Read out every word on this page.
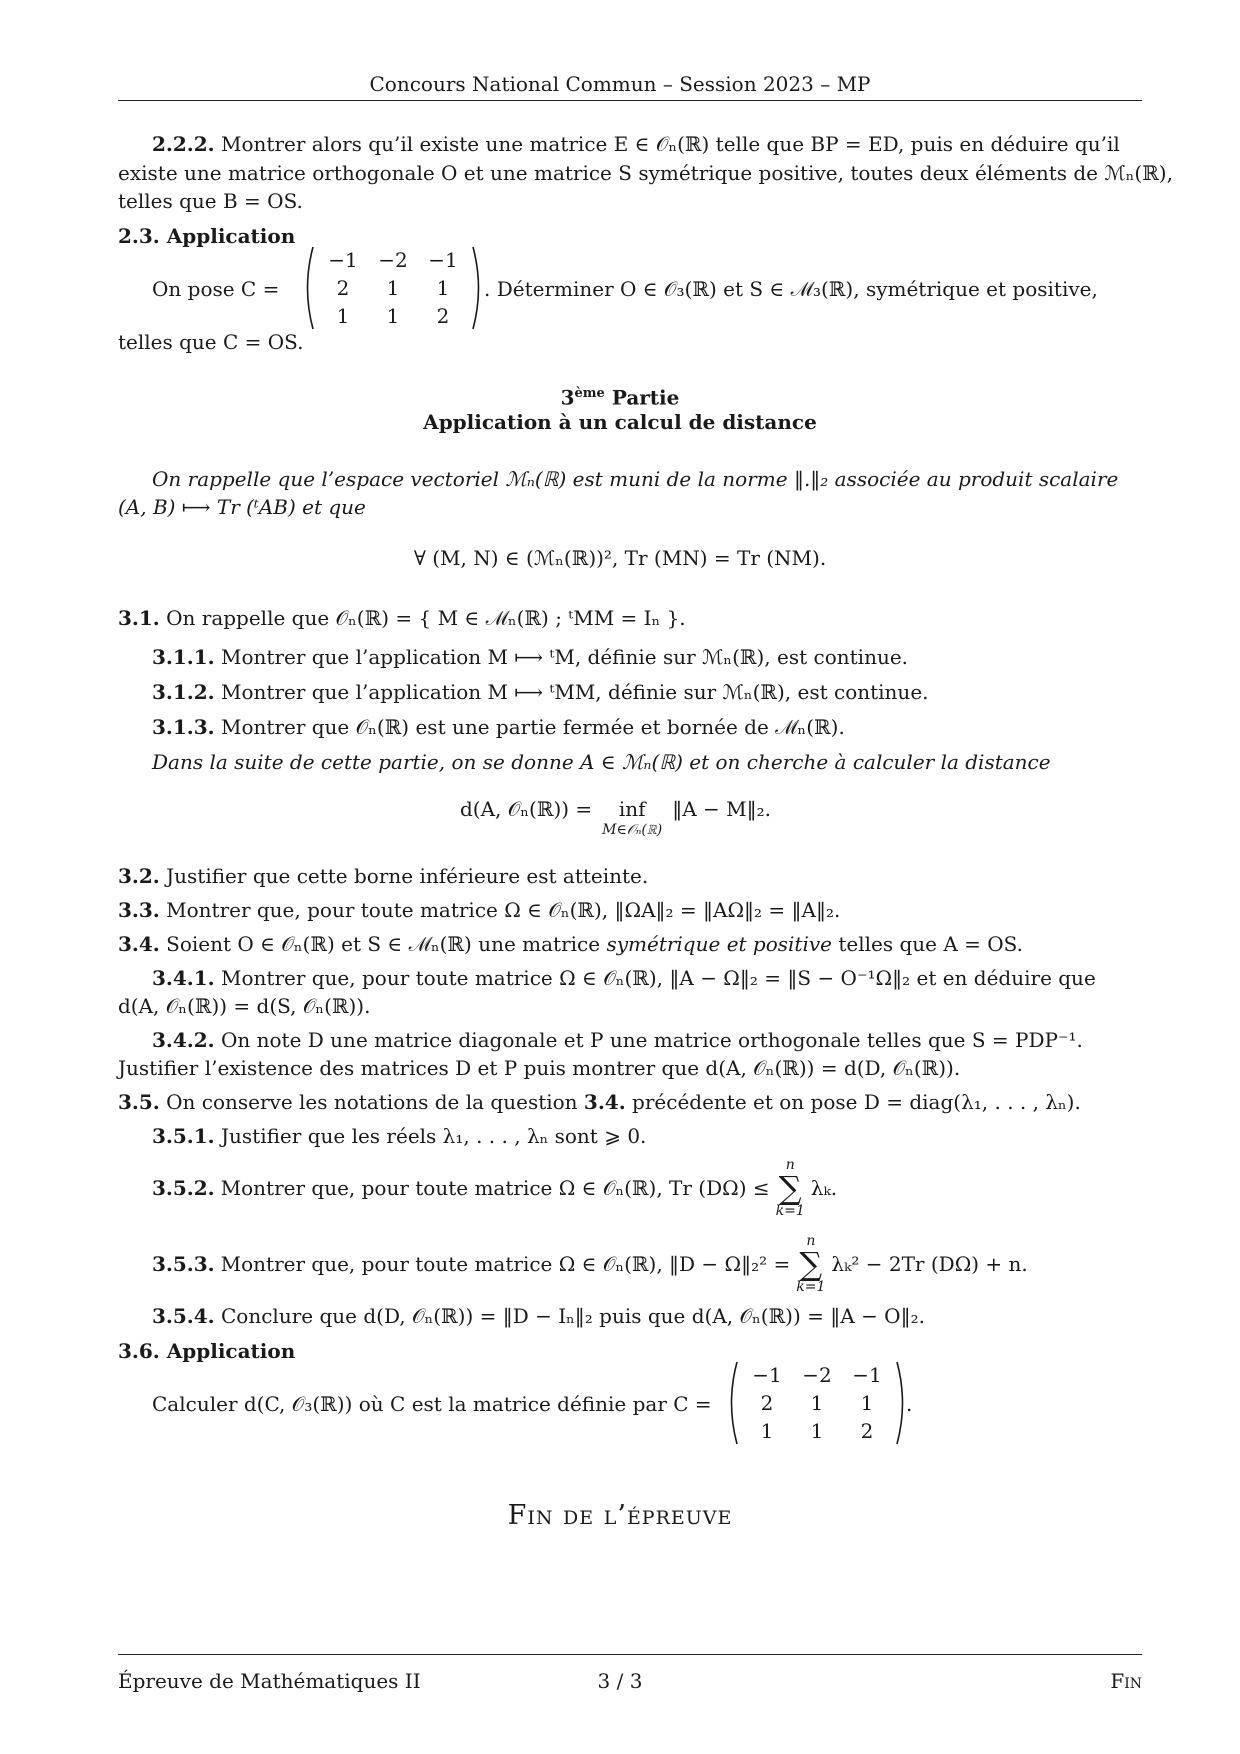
Concours National Commun – Session 2023 – MP
2.2.2. Montrer alors qu’il existe une matrice E ∈ 𝒪ₙ(ℝ) telle que BP = ED, puis en déduire qu’il
existe une matrice orthogonale O et une matrice S symétrique positive, toutes deux éléments de ℳₙ(ℝ),
telles que B = OS.
2.3. Application
On pose C =
−1	−2	−1
2	1	1
1	1	2
. Déterminer O ∈ 𝒪₃(ℝ) et S ∈ ℳ₃(ℝ), symétrique et positive,
telles que C = OS.
3ème Partie
Application à un calcul de distance
On rappelle que l’espace vectoriel ℳₙ(ℝ) est muni de la norme ‖.‖₂ associée au produit scalaire
(A, B) ⟼ Tr (ᵗAB) et que
∀ (M, N) ∈ (ℳₙ(ℝ))², Tr (MN) = Tr (NM).
3.1. On rappelle que 𝒪ₙ(ℝ) = { M ∈ ℳₙ(ℝ) ; ᵗMM = Iₙ }.
3.1.1. Montrer que l’application M ⟼ ᵗM, définie sur ℳₙ(ℝ), est continue.
3.1.2. Montrer que l’application M ⟼ ᵗMM, définie sur ℳₙ(ℝ), est continue.
3.1.3. Montrer que 𝒪ₙ(ℝ) est une partie fermée et bornée de ℳₙ(ℝ).
Dans la suite de cette partie, on se donne A ∈ ℳₙ(ℝ) et on cherche à calculer la distance
d(A, 𝒪ₙ(ℝ)) = inf
M∈𝒪ₙ(ℝ)
‖A − M‖₂.
3.2. Justifier que cette borne inférieure est atteinte.
3.3. Montrer que, pour toute matrice Ω ∈ 𝒪ₙ(ℝ), ‖ΩA‖₂ = ‖AΩ‖₂ = ‖A‖₂.
3.4. Soient O ∈ 𝒪ₙ(ℝ) et S ∈ ℳₙ(ℝ) une matrice symétrique et positive telles que A = OS.
3.4.1. Montrer que, pour toute matrice Ω ∈ 𝒪ₙ(ℝ), ‖A − Ω‖₂ = ‖S − O⁻¹Ω‖₂ et en déduire que
d(A, 𝒪ₙ(ℝ)) = d(S, 𝒪ₙ(ℝ)).
3.4.2. On note D une matrice diagonale et P une matrice orthogonale telles que S = PDP⁻¹.
Justifier l’existence des matrices D et P puis montrer que d(A, 𝒪ₙ(ℝ)) = d(D, 𝒪ₙ(ℝ)).
3.5. On conserve les notations de la question 3.4. précédente et on pose D = diag(λ₁, . . . , λₙ).
3.5.1. Justifier que les réels λ₁, . . . , λₙ sont ⩾ 0.
3.5.2. Montrer que, pour toute matrice Ω ∈ 𝒪ₙ(ℝ), Tr (DΩ) ≤
n
∑
k=1
λₖ.
3.5.3. Montrer que, pour toute matrice Ω ∈ 𝒪ₙ(ℝ), ‖D − Ω‖₂² =
n
∑
k=1
λₖ² − 2Tr (DΩ) + n.
3.5.4. Conclure que d(D, 𝒪ₙ(ℝ)) = ‖D − Iₙ‖₂ puis que d(A, 𝒪ₙ(ℝ)) = ‖A − O‖₂.
3.6. Application
Calculer d(C, 𝒪₃(ℝ)) où C est la matrice définie par C =
−1	−2	−1
2	1	1
1	1	2
.
Fin de l’épreuve
Épreuve de Mathématiques II	3 / 3	Fin
